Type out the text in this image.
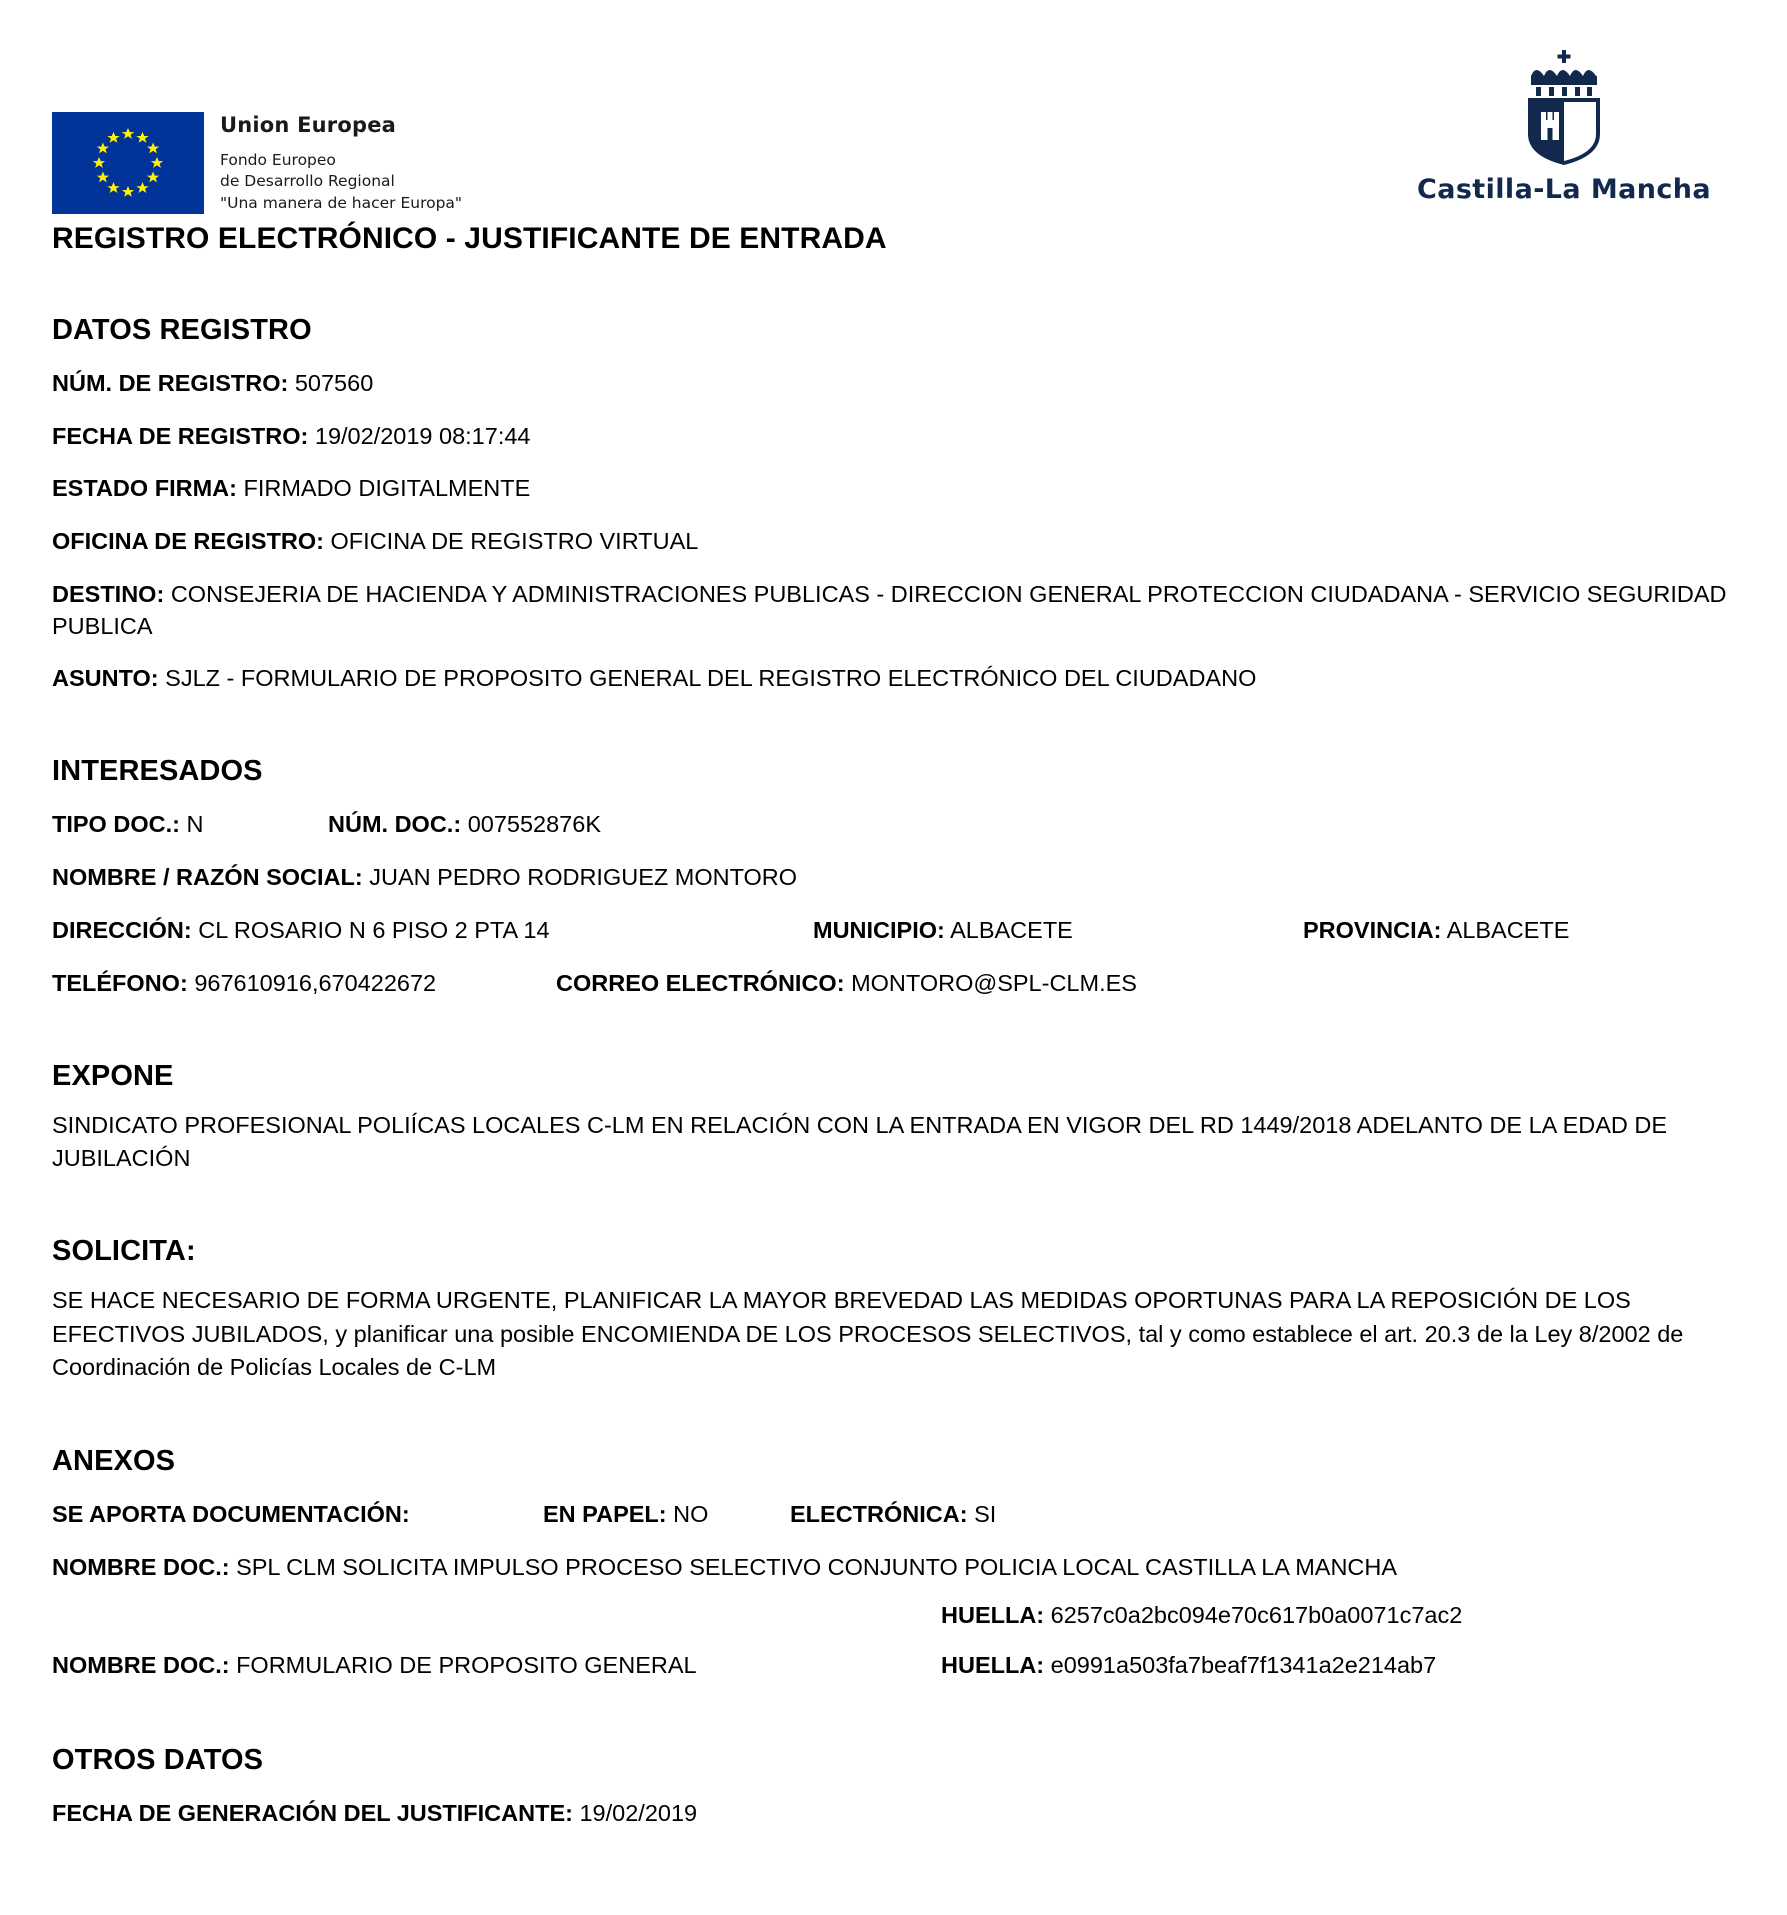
Union Europea
Fondo Europeo
de Desarrollo Regional
"Una manera de hacer Europa"	Castilla-La Mancha
REGISTRO ELECTRÓNICO - JUSTIFICANTE DE ENTRADA
DATOS REGISTRO
NÚM. DE REGISTRO: 507560
FECHA DE REGISTRO: 19/02/2019 08:17:44
ESTADO FIRMA: FIRMADO DIGITALMENTE
OFICINA DE REGISTRO: OFICINA DE REGISTRO VIRTUAL
DESTINO: CONSEJERIA DE HACIENDA Y ADMINISTRACIONES PUBLICAS - DIRECCION GENERAL PROTECCION CIUDADANA - SERVICIO SEGURIDAD PUBLICA
ASUNTO: SJLZ - FORMULARIO DE PROPOSITO GENERAL DEL REGISTRO ELECTRÓNICO DEL CIUDADANO
INTERESADOS
TIPO DOC.: N	NÚM. DOC.: 007552876K
NOMBRE / RAZÓN SOCIAL: JUAN PEDRO RODRIGUEZ MONTORO
DIRECCIÓN: CL ROSARIO N 6 PISO 2 PTA 14	MUNICIPIO: ALBACETE	PROVINCIA: ALBACETE
TELÉFONO: 967610916,670422672	CORREO ELECTRÓNICO: MONTORO@SPL-CLM.ES
EXPONE
SINDICATO PROFESIONAL POLIÍCAS LOCALES C-LM EN RELACIÓN CON LA ENTRADA EN VIGOR DEL RD 1449/2018 ADELANTO DE LA EDAD DE JUBILACIÓN
SOLICITA:
SE HACE NECESARIO DE FORMA URGENTE, PLANIFICAR LA MAYOR BREVEDAD LAS MEDIDAS OPORTUNAS PARA LA REPOSICIÓN DE LOS EFECTIVOS JUBILADOS, y planificar una posible ENCOMIENDA DE LOS PROCESOS SELECTIVOS, tal y como establece el art. 20.3 de la Ley 8/2002 de Coordinación de Policías Locales de C-LM
ANEXOS
SE APORTA DOCUMENTACIÓN:	EN PAPEL: NO	ELECTRÓNICA: SI
NOMBRE DOC.: SPL CLM SOLICITA IMPULSO PROCESO SELECTIVO CONJUNTO POLICIA LOCAL CASTILLA LA MANCHA
HUELLA: 6257c0a2bc094e70c617b0a0071c7ac2
NOMBRE DOC.: FORMULARIO DE PROPOSITO GENERAL	HUELLA: e0991a503fa7beaf7f1341a2e214ab7
OTROS DATOS
FECHA DE GENERACIÓN DEL JUSTIFICANTE: 19/02/2019
